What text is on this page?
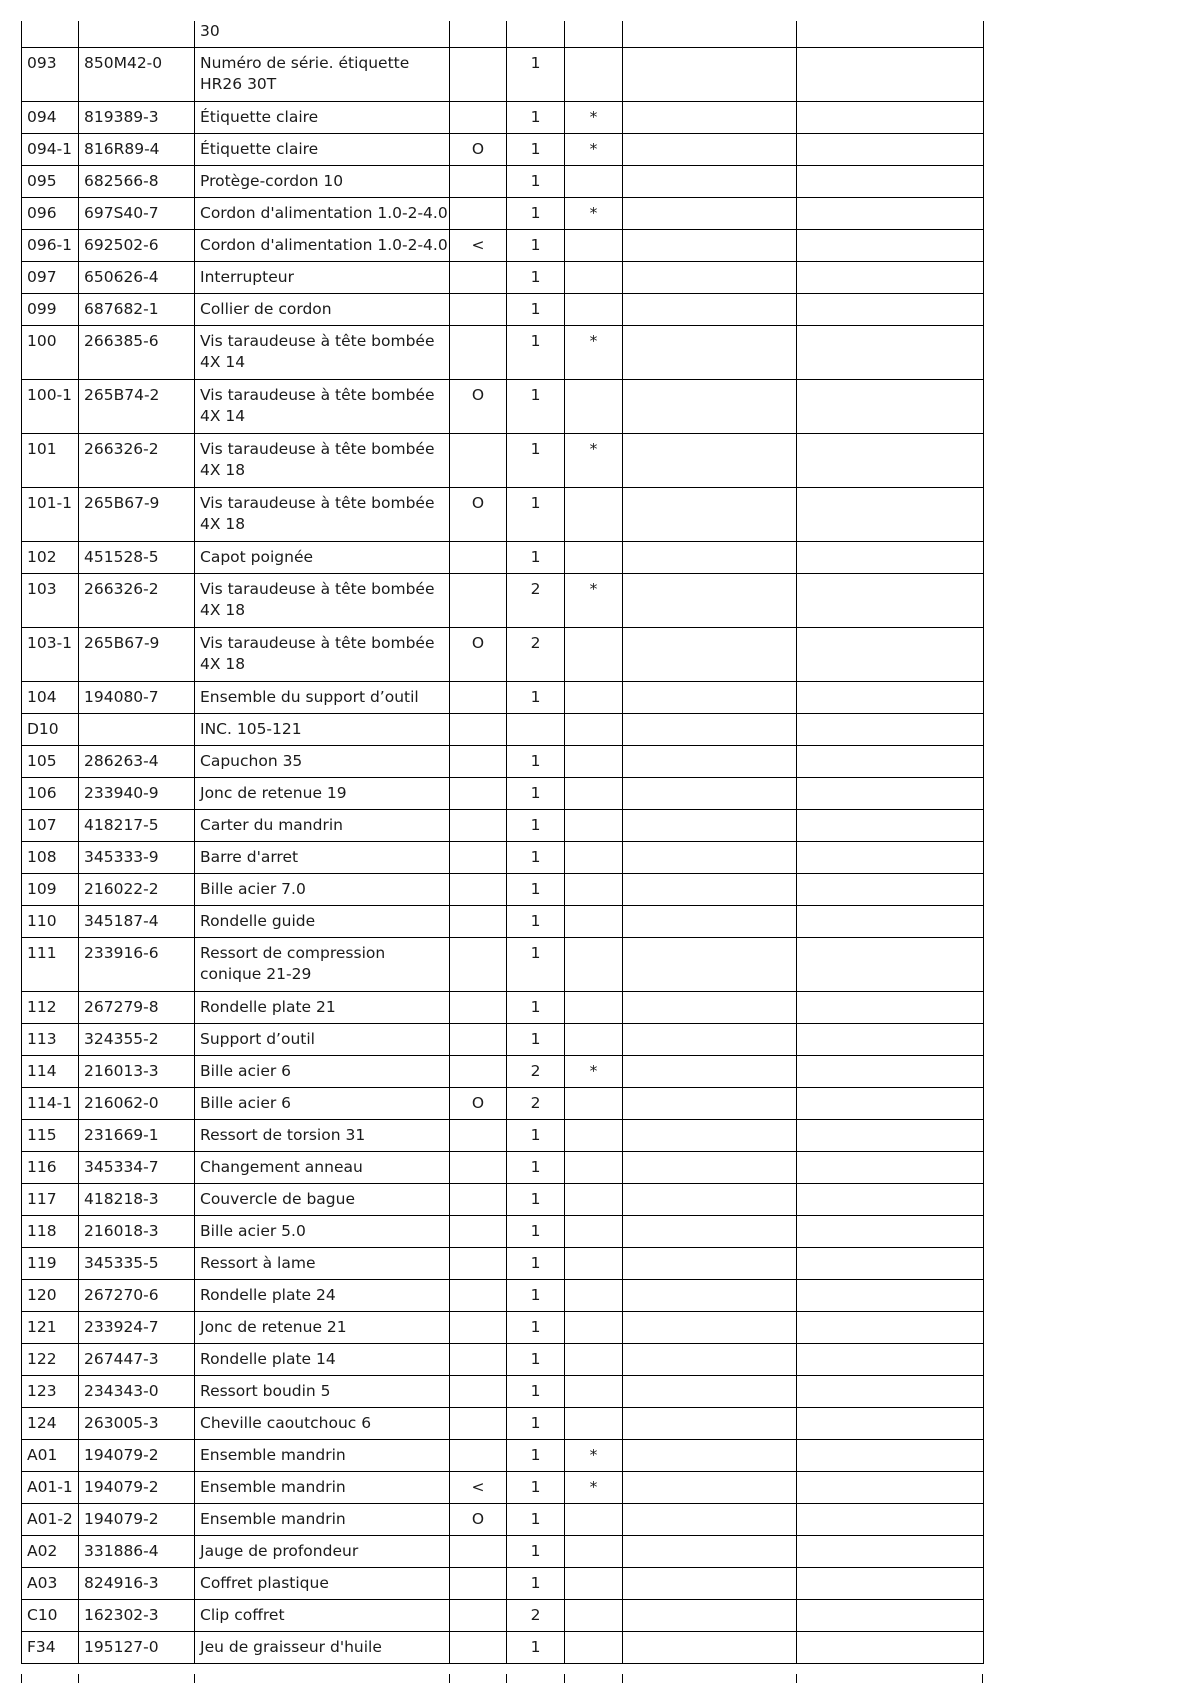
		30					

093	850M42-0	Numéro de série. étiquette HR26 30T		1			

094	819389-3	Étiquette claire		1	*		

094-1	816R89-4	Étiquette claire	O	1	*		

095	682566-8	Protège-cordon 10		1			

096	697S40-7	Cordon d'alimentation 1.0-2-4.0		1	*		

096-1	692502-6	Cordon d'alimentation 1.0-2-4.0	<	1			

097	650626-4	Interrupteur		1			

099	687682-1	Collier de cordon		1			

100	266385-6	Vis taraudeuse à tête bombée 4X 14		1	*		

100-1	265B74-2	Vis taraudeuse à tête bombée 4X 14	O	1			

101	266326-2	Vis taraudeuse à tête bombée 4X 18		1	*		

101-1	265B67-9	Vis taraudeuse à tête bombée 4X 18	O	1			

102	451528-5	Capot poignée		1			

103	266326-2	Vis taraudeuse à tête bombée 4X 18		2	*		

103-1	265B67-9	Vis taraudeuse à tête bombée 4X 18	O	2			

104	194080-7	Ensemble du support d’outil		1			

D10		INC. 105-121					

105	286263-4	Capuchon 35		1			

106	233940-9	Jonc de retenue 19		1			

107	418217-5	Carter du mandrin		1			

108	345333-9	Barre d'arret		1			

109	216022-2	Bille acier 7.0		1			

110	345187-4	Rondelle guide		1			

111	233916-6	Ressort de compression conique 21-29		1			

112	267279-8	Rondelle plate 21		1			

113	324355-2	Support d’outil		1			

114	216013-3	Bille acier 6		2	*		

114-1	216062-0	Bille acier 6	O	2			

115	231669-1	Ressort de torsion 31		1			

116	345334-7	Changement anneau		1			

117	418218-3	Couvercle de bague		1			

118	216018-3	Bille acier 5.0		1			

119	345335-5	Ressort à lame		1			

120	267270-6	Rondelle plate 24		1			

121	233924-7	Jonc de retenue 21		1			

122	267447-3	Rondelle plate 14		1			

123	234343-0	Ressort boudin 5		1			

124	263005-3	Cheville caoutchouc 6		1			

A01	194079-2	Ensemble mandrin		1	*		

A01-1	194079-2	Ensemble mandrin	<	1	*		

A01-2	194079-2	Ensemble mandrin	O	1			

A02	331886-4	Jauge de profondeur		1			

A03	824916-3	Coffret plastique		1			

C10	162302-3	Clip coffret		2			

F34	195127-0	Jeu de graisseur d'huile		1			
